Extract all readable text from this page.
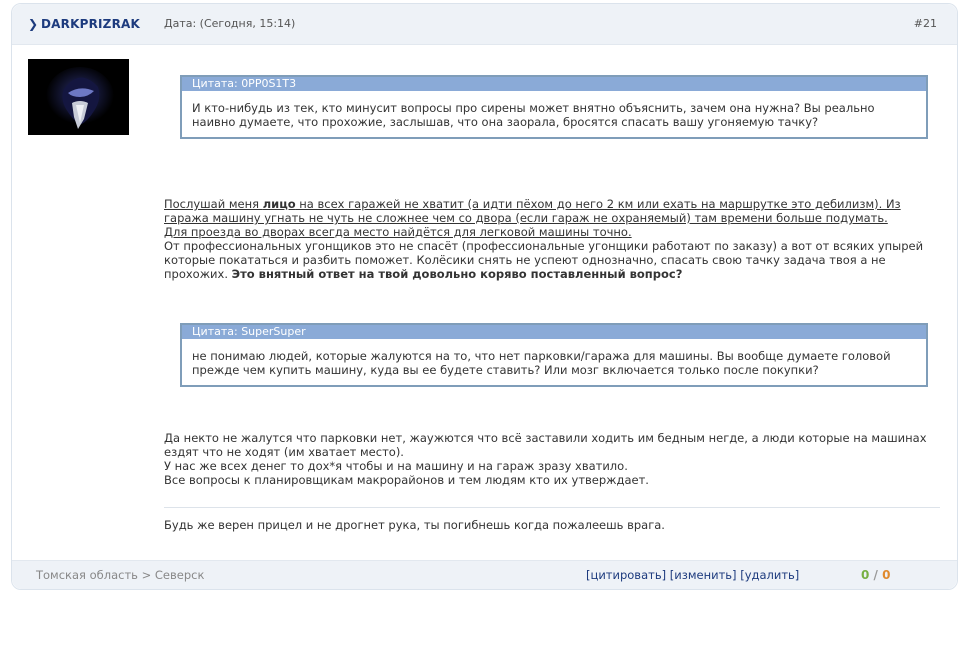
❯ DARKPRIZRAK Дата: (Сегодня, 15:14)	#21
Цитата: 0PP0S1T3
И кто-нибудь из тек, кто минусит вопросы про сирены может внятно объяснить, зачем она нужна? Вы реально наивно думаете, что прохожие, заслышав, что она заорала, бросятся спасать вашу угоняемую тачку?
Послушай меня лицо на всех гаражей не хватит (а идти пёхом до него 2 км или ехать на маршрутке это дебилизм). Из гаража машину угнать не чуть не сложнее чем со двора (если гараж не охраняемый) там времени больше подумать.
Для проезда во дворах всегда место найдётся для легковой машины точно.
От профессиональных угонщиков это не спасёт (профессиональные угонщики работают по заказу) а вот от всяких упырей которые покататься и разбить поможет. Колёсики снять не успеют однозначно, спасать свою тачку задача твоя а не прохожих. Это внятный ответ на твой довольно коряво поставленный вопрос?
Цитата: SuperSuper
не понимаю людей, которые жалуются на то, что нет парковки/гаража для машины. Вы вообще думаете головой прежде чем купить машину, куда вы ее будете ставить? Или мозг включается только после покупки?
Да некто не жалутся что парковки нет, жаужются что всё заставили ходить им бедным негде, а люди которые на машинах ездят что не ходят (им хватает место).
У нас же всех денег то дох*я чтобы и на машину и на гараж зразу хватило.
Все вопросы к планировщикам макрорайонов и тем людям кто их утверждает.
Будь же верен прицел и не дрогнет рука, ты погибнешь когда пожалеешь врага.
Томская область > Северск	[цитировать] [изменить] [удалить]	0 / 0
